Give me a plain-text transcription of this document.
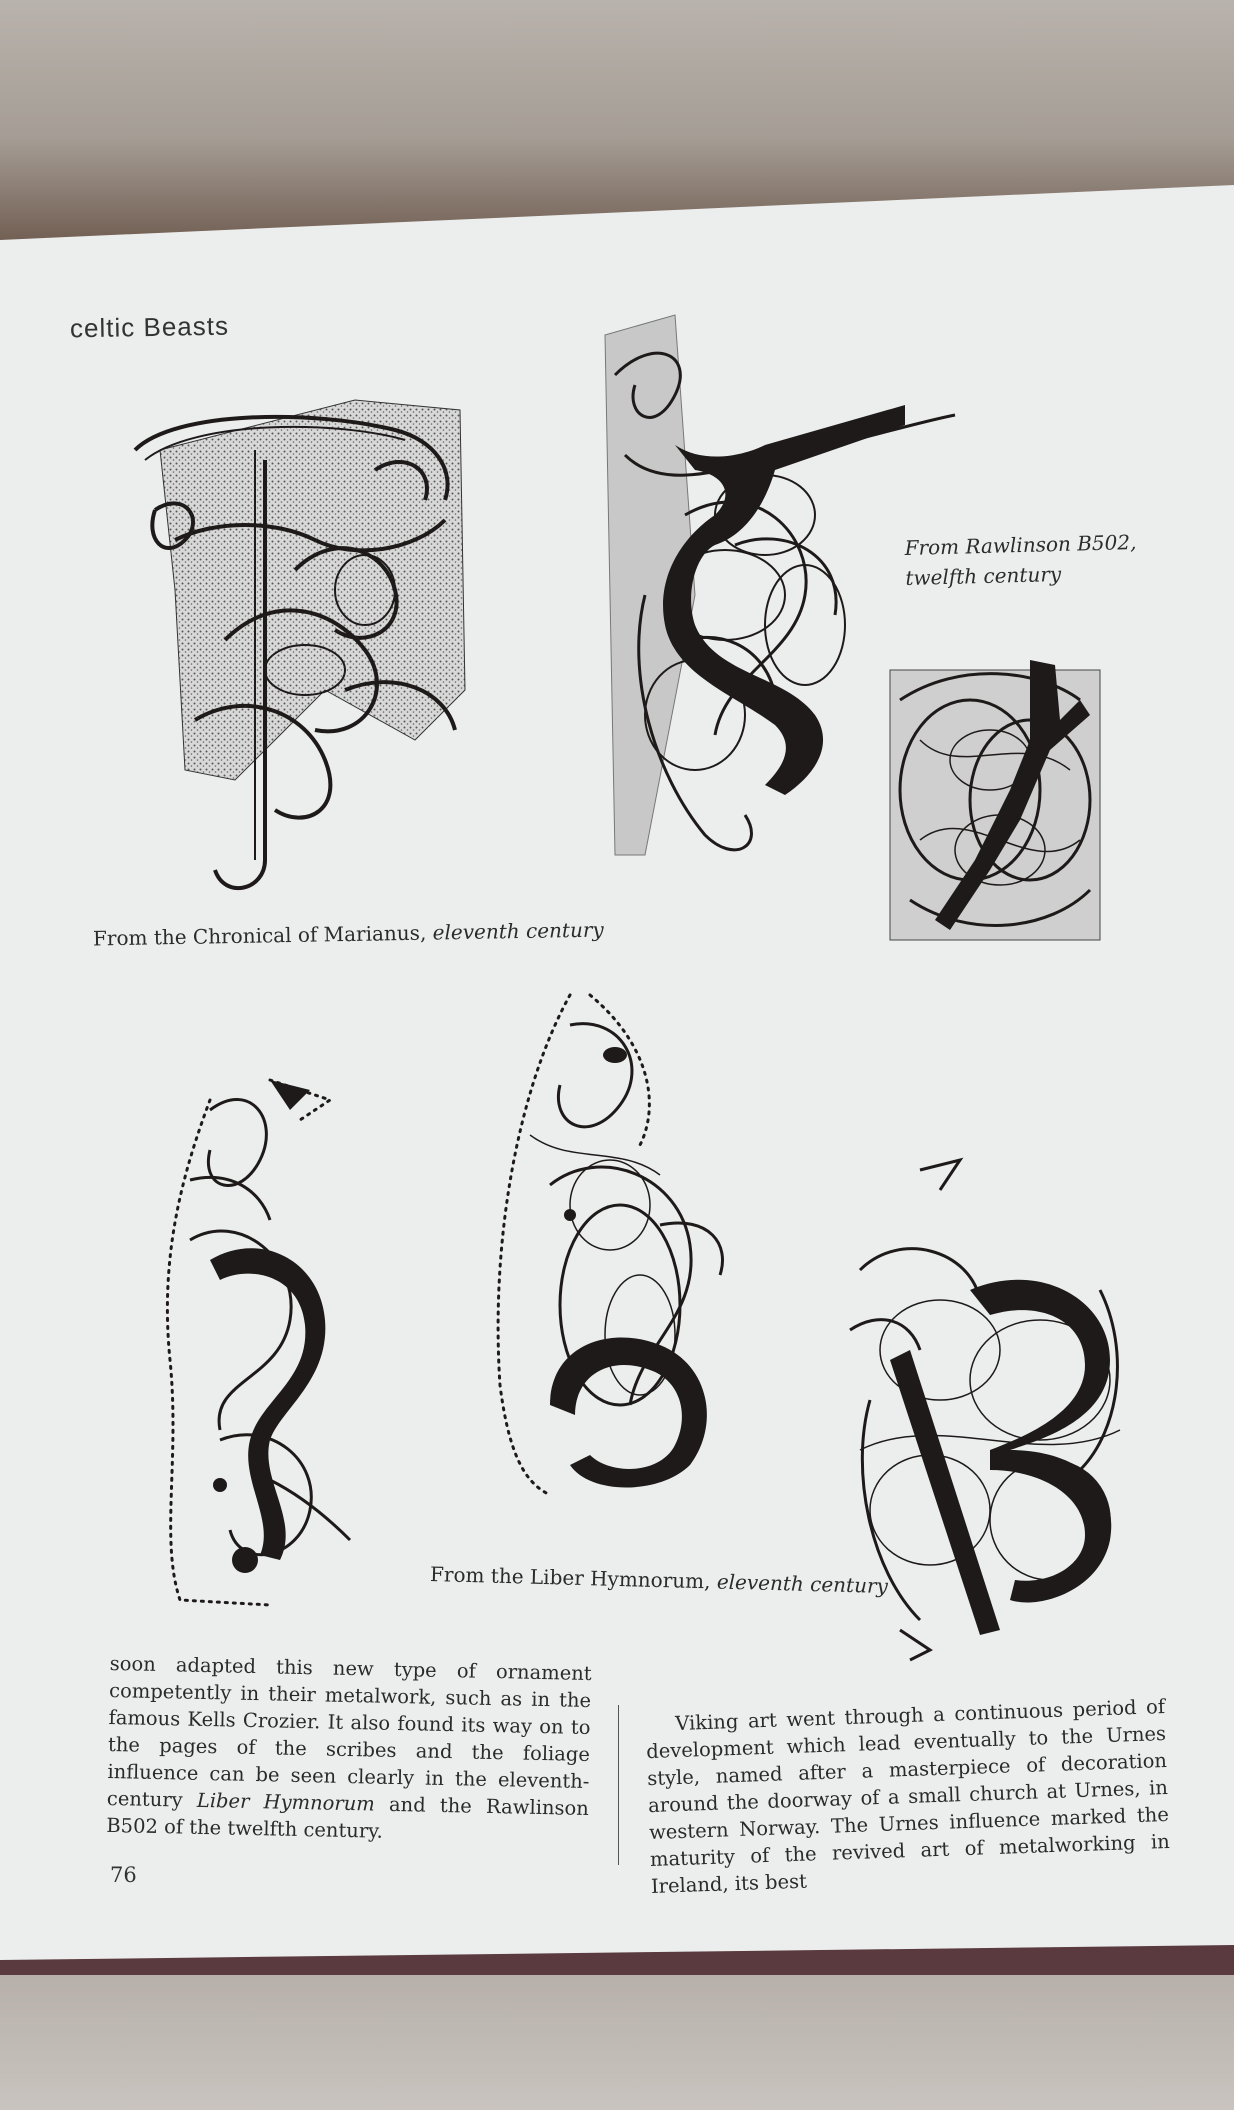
celtic Beasts
From the Chronical of Marianus, eleventh century
From Rawlinson B502,
twelfth century
From the Liber Hymnorum, eleventh century
soon adapted this new type of ornament competently in their metalwork, such as in the famous Kells Crozier. It also found its way on to the pages of the scribes and the foliage influence can be seen clearly in the eleventh-century Liber Hymnorum and the Rawlinson B502 of the twelfth century.
Viking art went through a continuous period of development which lead eventually to the Urnes style, named after a masterpiece of decoration around the doorway of a small church at Urnes, in western Norway. The Urnes influence marked the maturity of the revived art of metalworking in Ireland, its best
76
